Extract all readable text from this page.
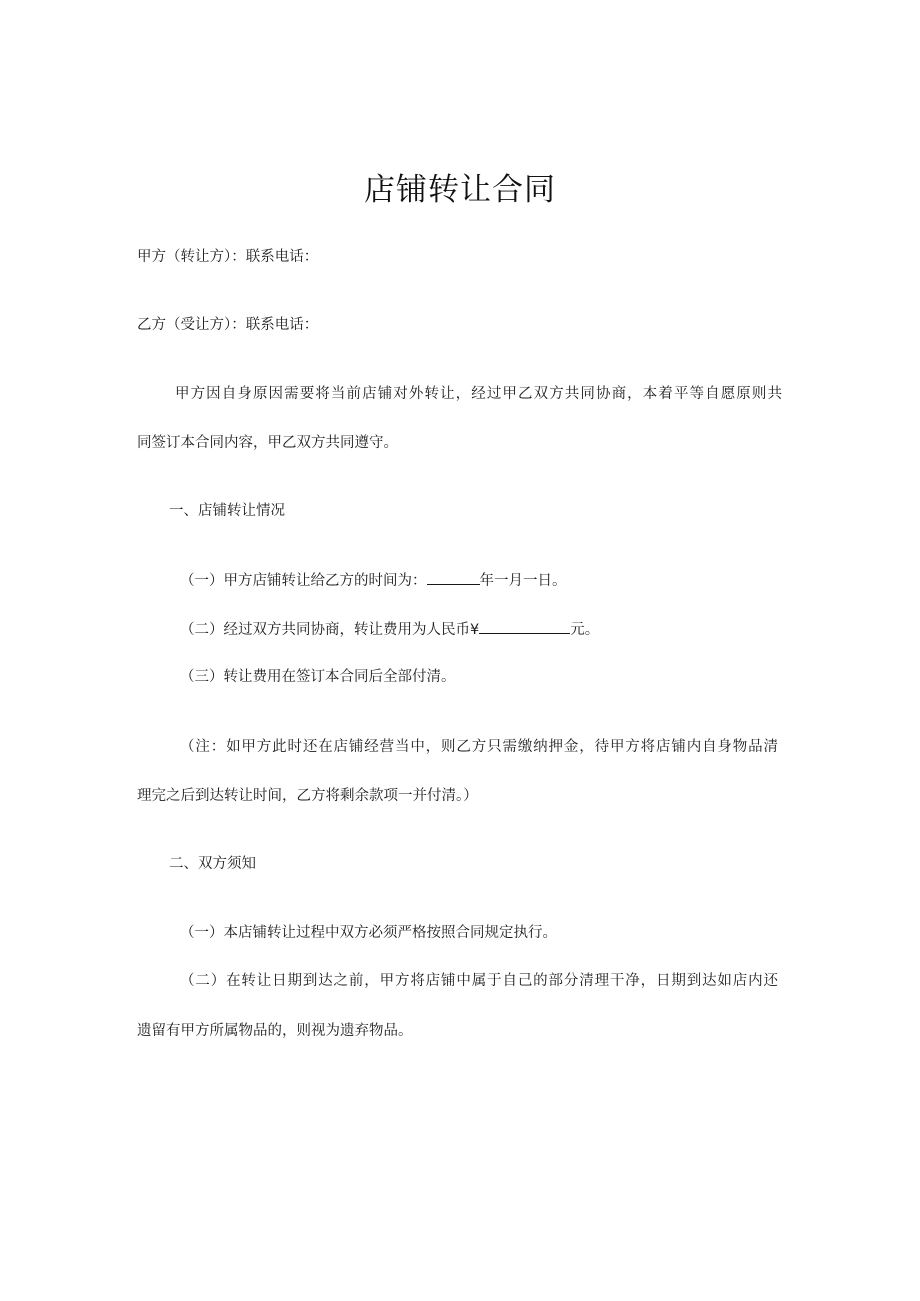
店铺转让合同
甲方（转让方）：联系电话：
乙方（受让方）：联系电话：
甲方因自身原因需要将当前店铺对外转让，经过甲乙双方共同协商，本着平等自愿原则共
同签订本合同内容，甲乙双方共同遵守。
一、店铺转让情况
（一）甲方店铺转让给乙方的时间为：	年一月一日。
（二）经过双方共同协商，转让费用为人民币¥	元。
（三）转让费用在签订本合同后全部付清。
（注：如甲方此时还在店铺经营当中，则乙方只需缴纳押金，待甲方将店铺内自身物品清
理完之后到达转让时间，乙方将剩余款项一并付清。）
二、双方须知
（一）本店铺转让过程中双方必须严格按照合同规定执行。
（二）在转让日期到达之前，甲方将店铺中属于自己的部分清理干净，日期到达如店内还
遗留有甲方所属物品的，则视为遗弃物品。
